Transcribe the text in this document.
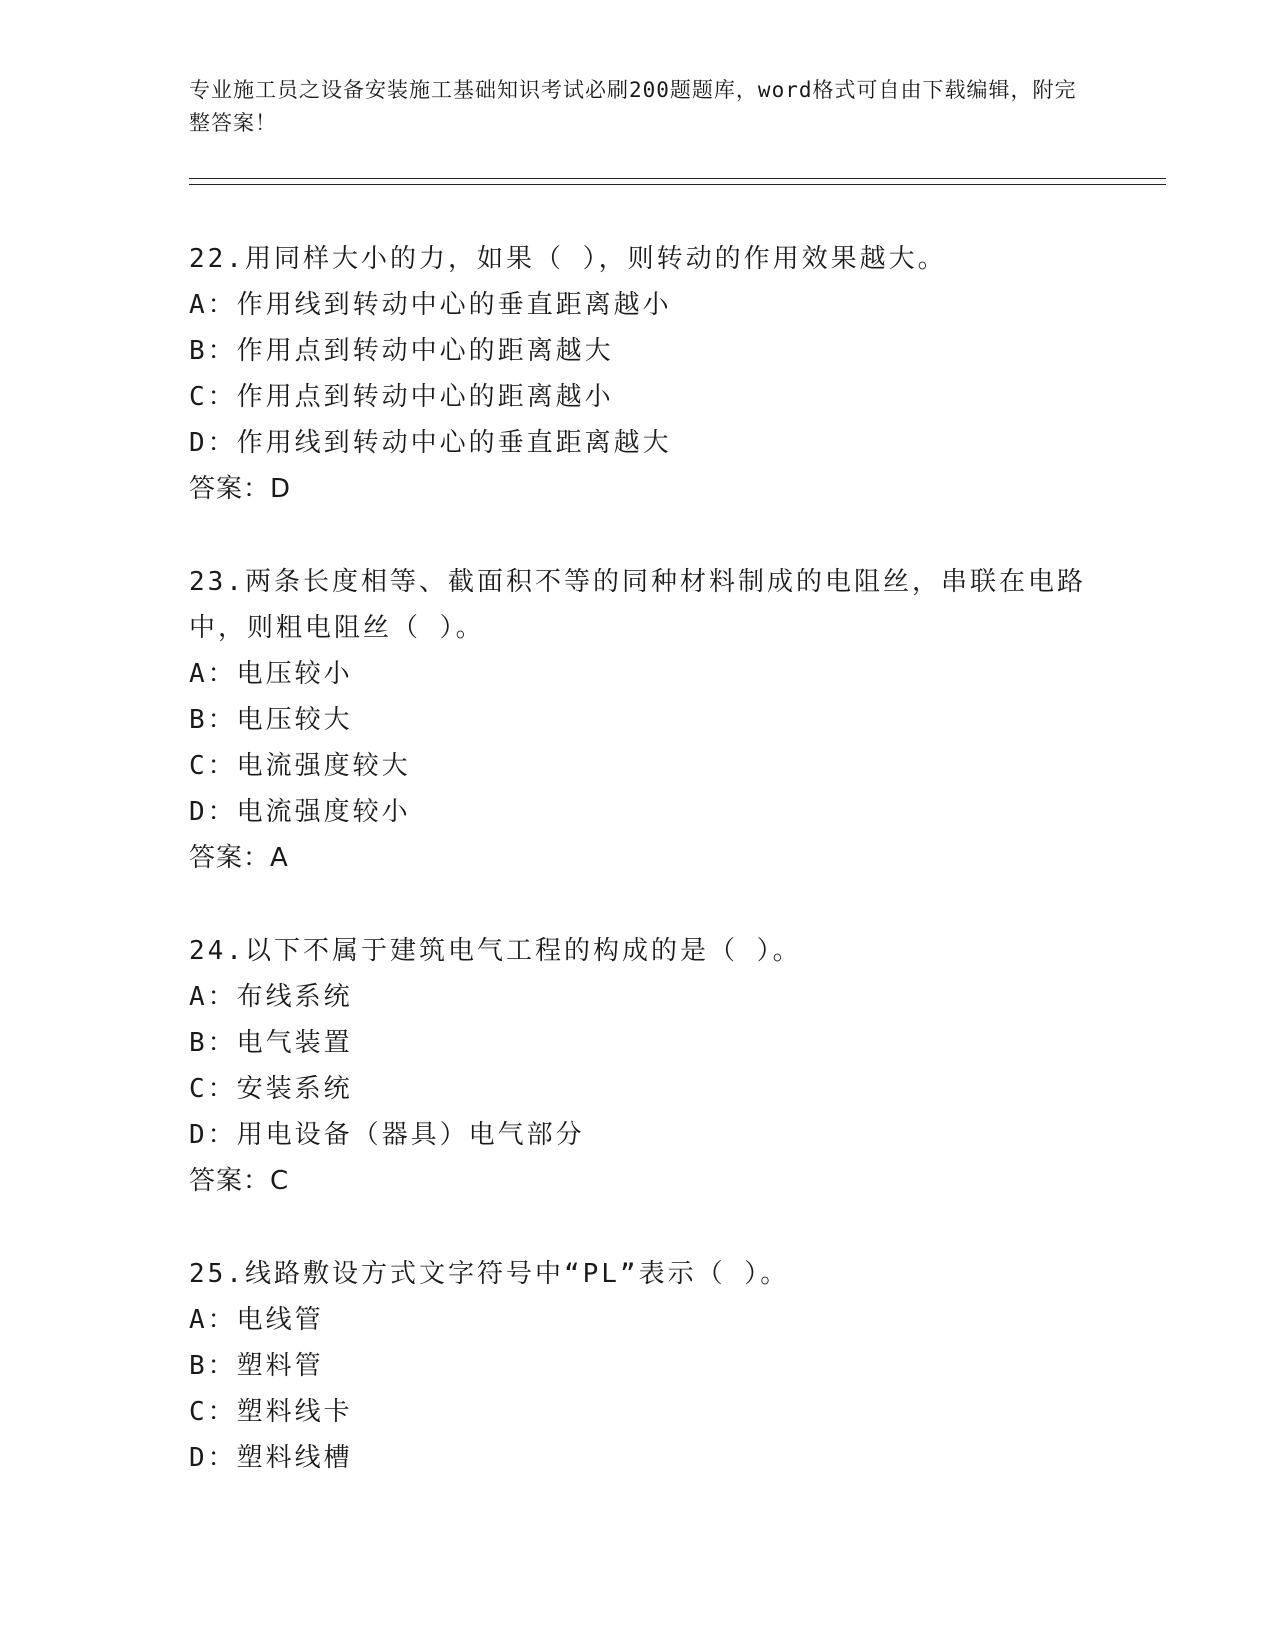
专业施工员之设备安装施工基础知识考试必刷200题题库，word格式可自由下载编辑，附完整答案！
22.用同样大小的力，如果（ ），则转动的作用效果越大。
A：作用线到转动中心的垂直距离越小
B：作用点到转动中心的距离越大
C：作用点到转动中心的距离越小
D：作用线到转动中心的垂直距离越大
答案：D
23.两条长度相等、截面积不等的同种材料制成的电阻丝，串联在电路中，则粗电阻丝（ ）。
A：电压较小
B：电压较大
C：电流强度较大
D：电流强度较小
答案：A
24.以下不属于建筑电气工程的构成的是（ ）。
A：布线系统
B：电气装置
C：安装系统
D：用电设备（器具）电气部分
答案：C
25.线路敷设方式文字符号中“PL”表示（ ）。
A：电线管
B：塑料管
C：塑料线卡
D：塑料线槽
